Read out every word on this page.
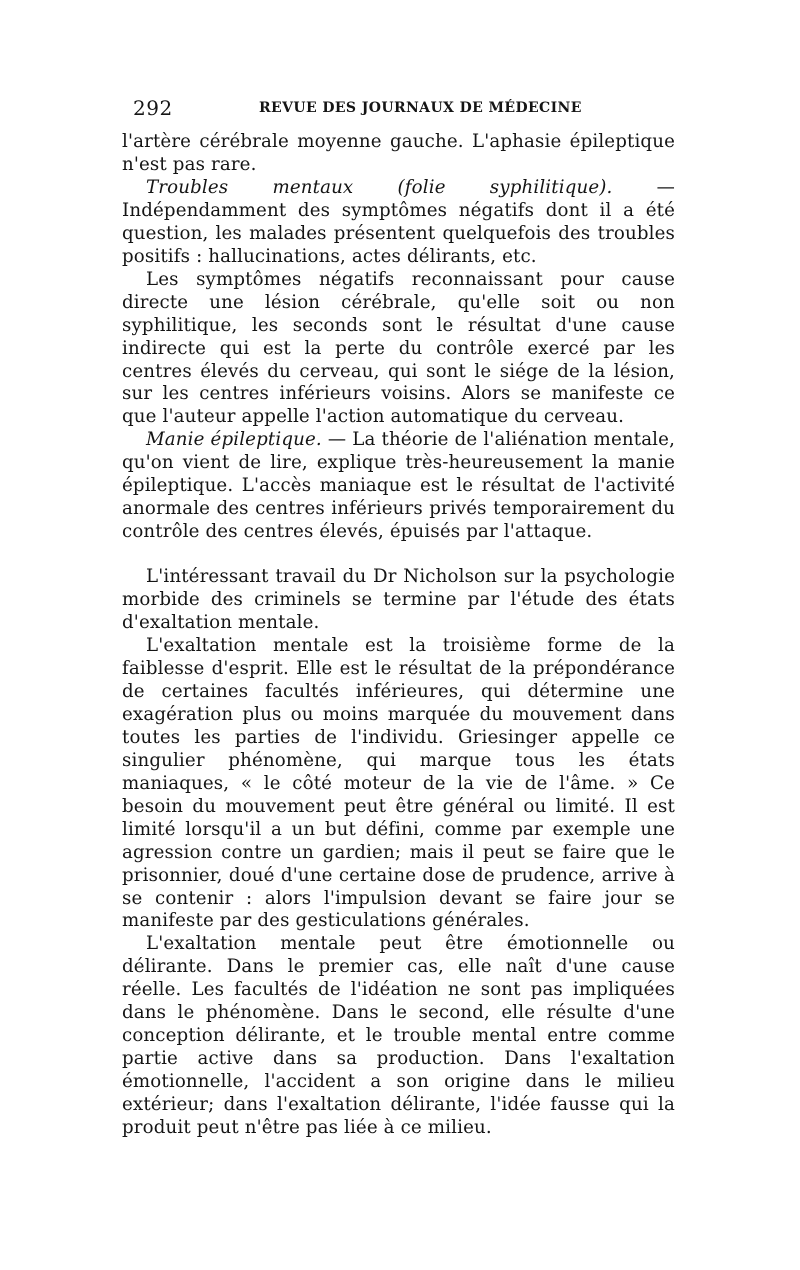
292	REVUE DES JOURNAUX DE MÉDECINE

l'artère cérébrale moyenne gauche. L'aphasie épileptique n'est pas rare.

Troubles mentaux (folie syphilitique). — Indépendamment des symptômes négatifs dont il a été question, les malades présentent quelquefois des troubles positifs : hallucinations, actes délirants, etc.

Les symptômes négatifs reconnaissant pour cause directe une lésion cérébrale, qu'elle soit ou non syphilitique, les seconds sont le résultat d'une cause indirecte qui est la perte du contrôle exercé par les centres élevés du cerveau, qui sont le siége de la lésion, sur les centres inférieurs voisins. Alors se manifeste ce que l'auteur appelle l'action automatique du cerveau.

Manie épileptique. — La théorie de l'aliénation mentale, qu'on vient de lire, explique très-heureusement la manie épileptique. L'accès maniaque est le résultat de l'activité anormale des centres inférieurs privés temporairement du contrôle des centres élevés, épuisés par l'attaque.

L'intéressant travail du Dr Nicholson sur la psychologie morbide des criminels se termine par l'étude des états d'exaltation mentale.

L'exaltation mentale est la troisième forme de la faiblesse d'esprit. Elle est le résultat de la prépondérance de certaines facultés inférieures, qui détermine une exagération plus ou moins marquée du mouvement dans toutes les parties de l'individu. Griesinger appelle ce singulier phénomène, qui marque tous les états maniaques, « le côté moteur de la vie de l'âme. » Ce besoin du mouvement peut être général ou limité. Il est limité lorsqu'il a un but défini, comme par exemple une agression contre un gardien; mais il peut se faire que le prisonnier, doué d'une certaine dose de prudence, arrive à se contenir : alors l'impulsion devant se faire jour se manifeste par des gesticulations générales.

L'exaltation mentale peut être émotionnelle ou délirante. Dans le premier cas, elle naît d'une cause réelle. Les facultés de l'idéation ne sont pas impliquées dans le phénomène. Dans le second, elle résulte d'une conception délirante, et le trouble mental entre comme partie active dans sa production. Dans l'exaltation émotionnelle, l'accident a son origine dans le milieu extérieur; dans l'exaltation délirante, l'idée fausse qui la produit peut n'être pas liée à ce milieu.
